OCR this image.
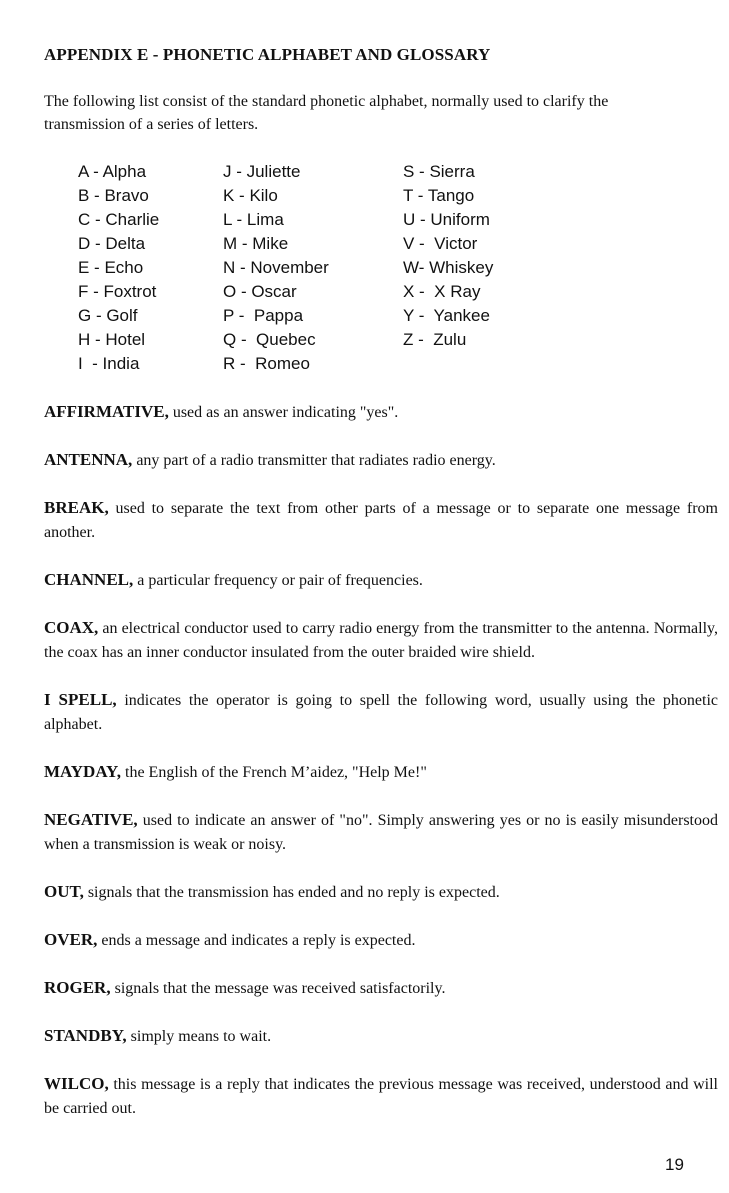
APPENDIX E - PHONETIC ALPHABET AND GLOSSARY
The following list consist of the standard phonetic alphabet, normally used to clarify the transmission of a series of letters.
A - Alpha
B - Bravo
C - Charlie
D - Delta
E - Echo
F - Foxtrot
G - Golf
H - Hotel
I  - India
J - Juliette
K - Kilo
L - Lima
M - Mike
N - November
O - Oscar
P -  Pappa
Q -  Quebec
R -  Romeo
S - Sierra
T - Tango
U - Uniform
V -  Victor
W- Whiskey
X -  X Ray
Y -  Yankee
Z -  Zulu

AFFIRMATIVE, used as an answer indicating "yes".

ANTENNA, any part of a radio transmitter that radiates radio energy.

BREAK, used to separate the text from other parts of a message or to separate one message from another.

CHANNEL, a particular frequency or pair of frequencies.

COAX, an electrical conductor used to carry radio energy from the transmitter to the antenna. Normally, the coax has an inner conductor insulated from the outer braided wire shield.

I SPELL, indicates the operator is going to spell the following word, usually using the phonetic alphabet.

MAYDAY, the English of the French M’aidez, "Help Me!"

NEGATIVE, used to indicate an answer of "no". Simply answering yes or no is easily misunderstood when a transmission is weak or noisy.

OUT, signals that the transmission has ended and no reply is expected.

OVER, ends a message and indicates a reply is expected.

ROGER, signals that the message was received satisfactorily.

STANDBY, simply means to wait.

WILCO, this message is a reply that indicates the previous message was received, understood and will be carried out.

19
